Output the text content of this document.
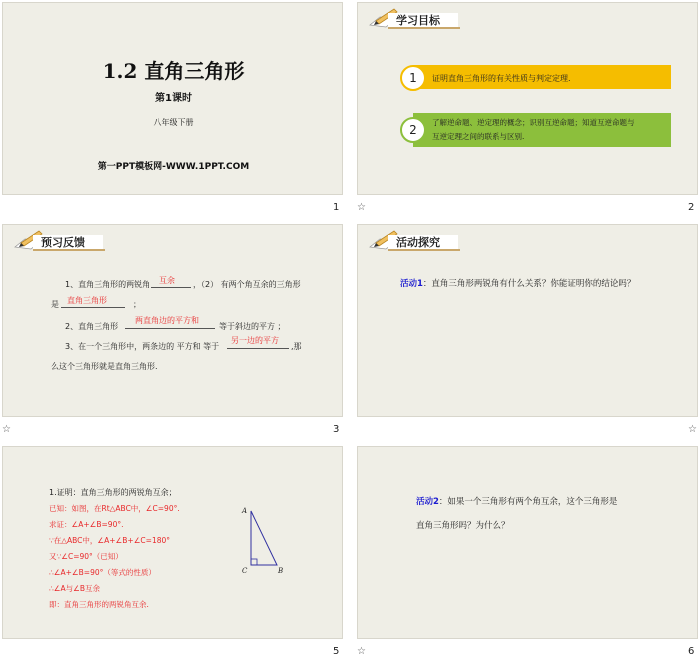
1.2 直角三角形
第1课时
八年级下册
第一PPT模板网-WWW.1PPT.COM
1
学习目标
1	证明直角三角形的有关性质与判定定理.
2
了解逆命题、逆定理的概念；识别互逆命题；知道互逆命题与
互逆定理之间的联系与区别.
☆	2
预习反馈
1、直角三角形的两锐角 互余 ，（2） 有两个角互余的三角形
是 直角三角形	；
2、直角三角形
两直角边的平方和
等于斜边的平方 ；
3、在一个三角形中，两条边的 平方和 等于
另一边的平方
,那
么这个三角形就是直角三角形.
☆	3
活动探究
活动1：直角三角形两锐角有什么关系？你能证明你的结论吗？
☆
1.证明：直角三角形的两锐角互余；
已知：如图，在Rt△ABC中，∠C=90°.
求证：∠A+∠B=90°.
∵在△ABC中，∠A+∠B+∠C=180°
又∵∠C=90°（已知）
∴∠A+∠B=90°（等式的性质）
∴∠A与∠B互余
即：直角三角形的两锐角互余.
A
C	B
5
活动2：如果一个三角形有两个角互余，这个三角形是
直角三角形吗？为什么？
☆	6
